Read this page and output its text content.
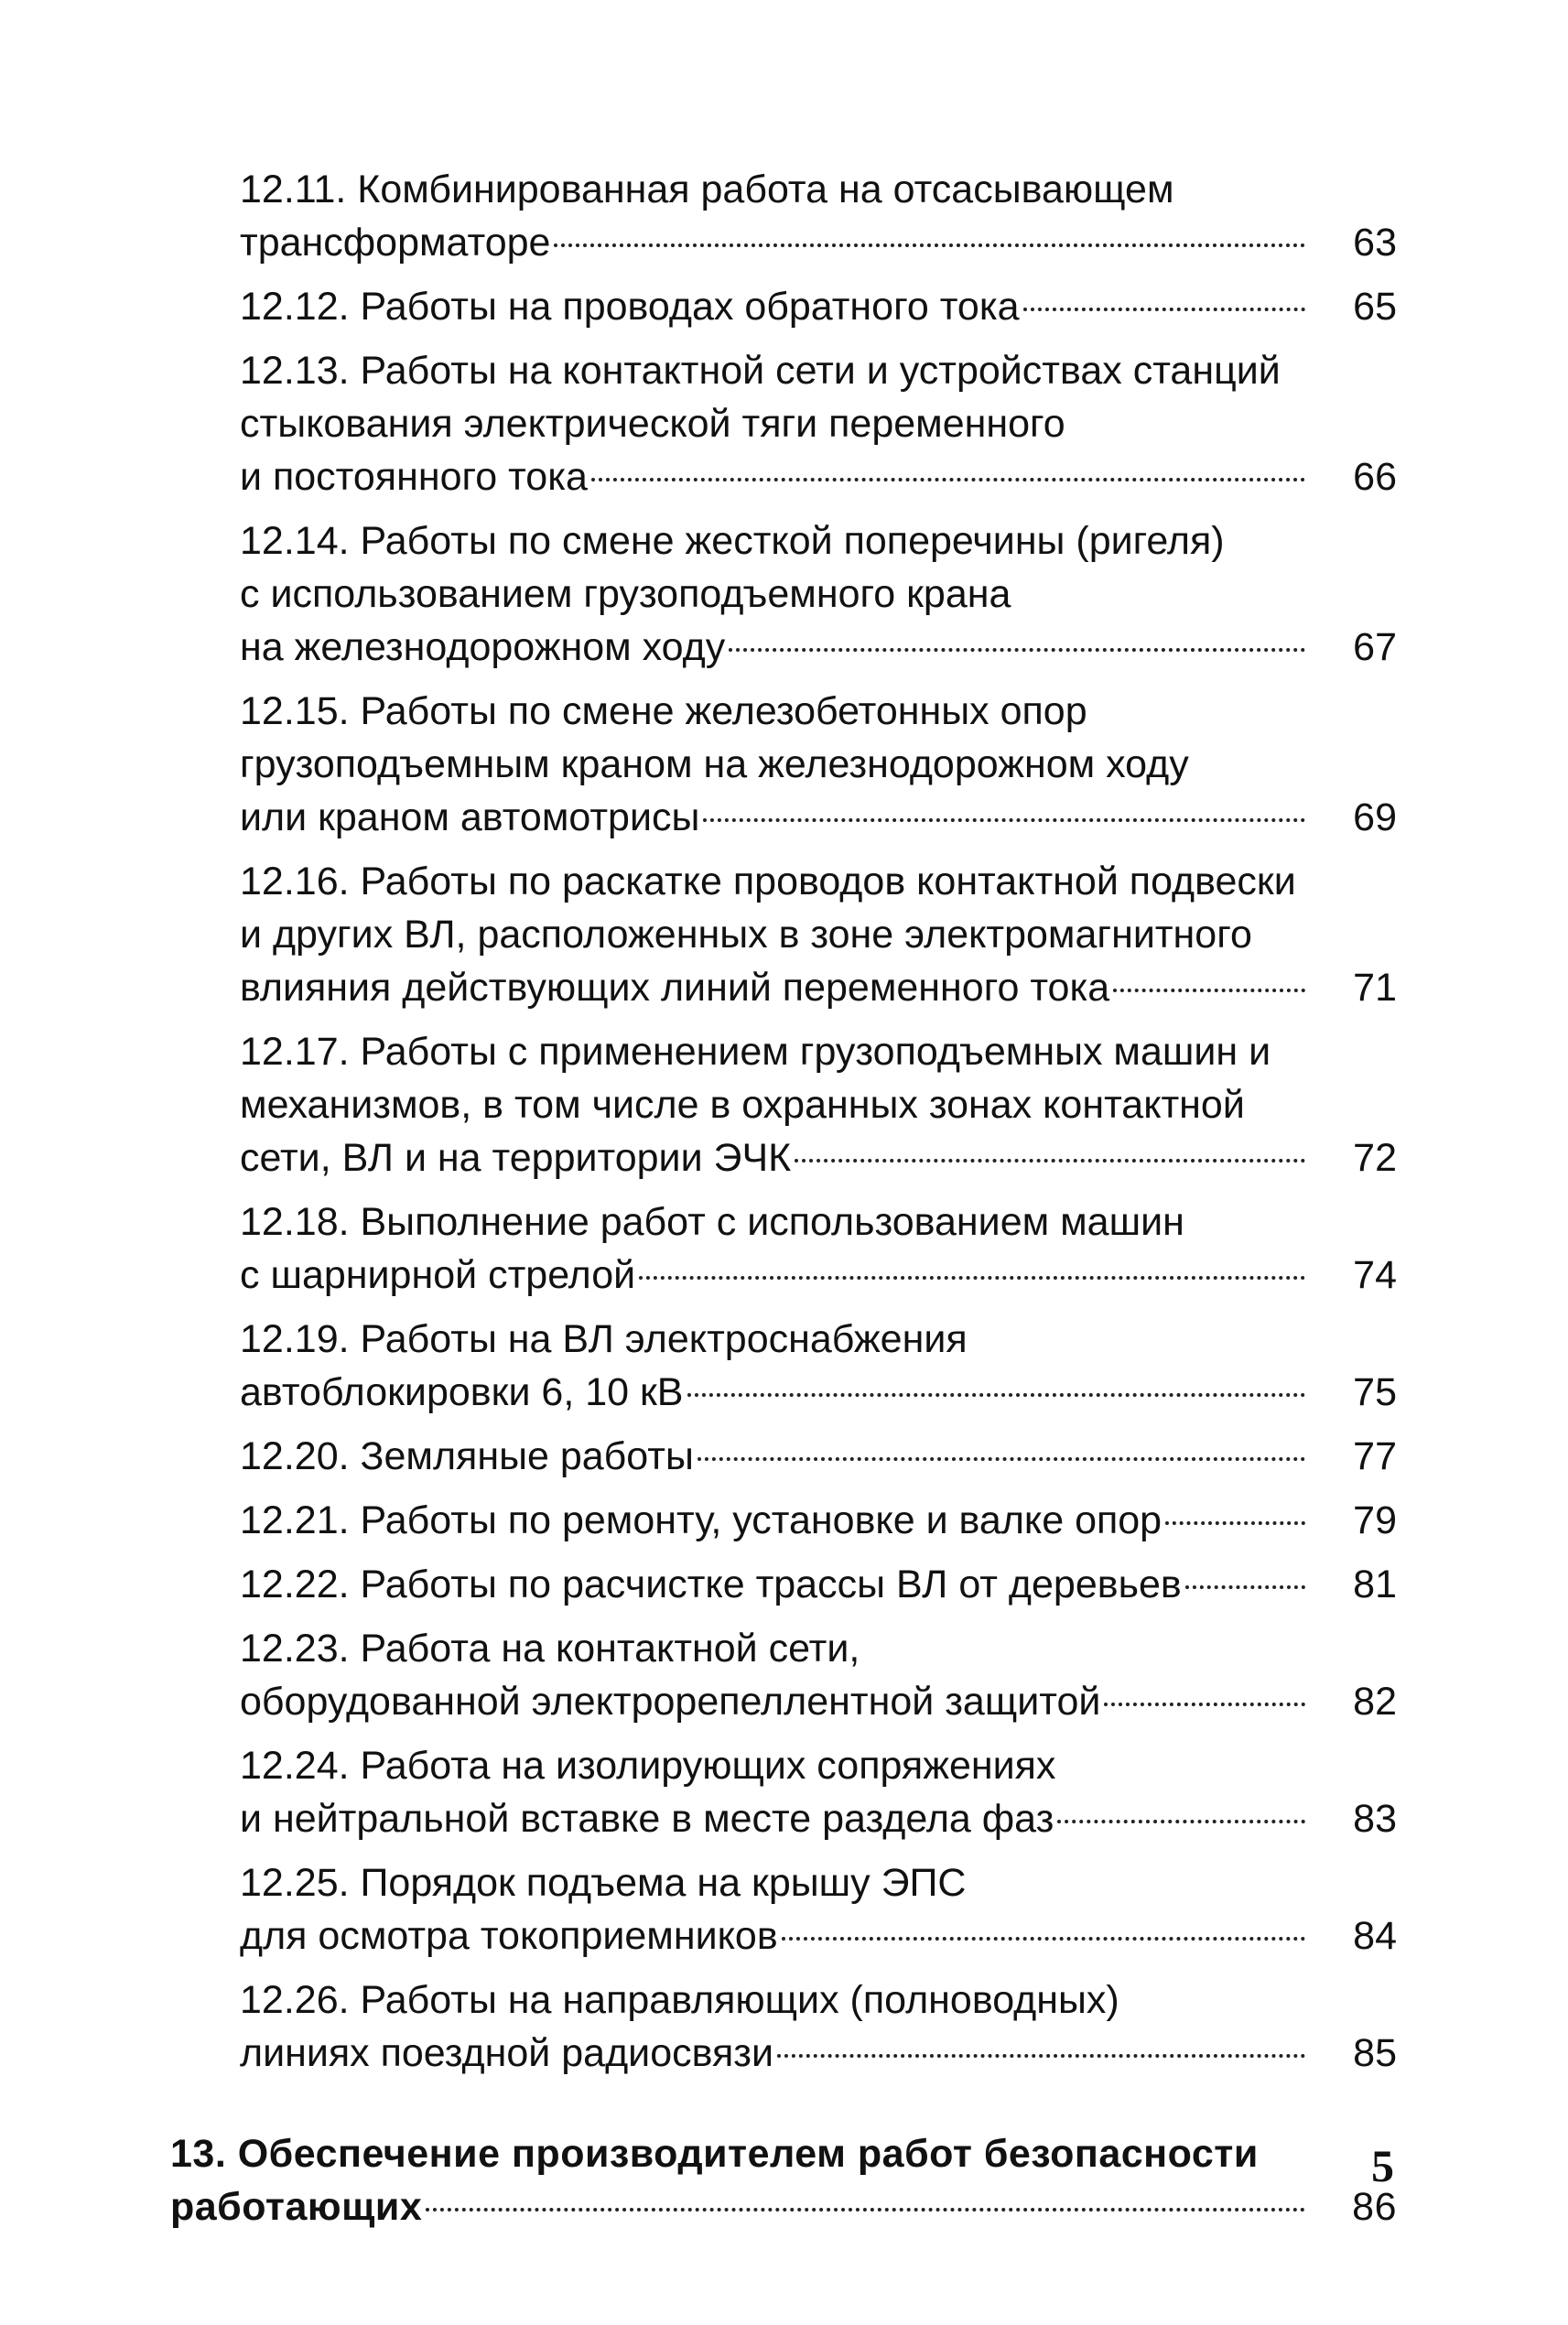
12.11. Комбинированная работа на отсасывающем
трансформаторе	63
12.12. Работы на проводах обратного тока	65
12.13. Работы на контактной сети и устройствах станций
стыкования электрической тяги переменного
и постоянного тока	66
12.14. Работы по смене жесткой поперечины (ригеля)
с использованием грузоподъемного крана
на железнодорожном ходу	67
12.15. Работы по смене железобетонных опор
грузоподъемным краном на железнодорожном ходу
или краном автомотрисы	69
12.16. Работы по раскатке проводов контактной подвески
и других ВЛ, расположенных в зоне электромагнитного
влияния действующих линий переменного тока	71
12.17. Работы с применением грузоподъемных машин и
механизмов, в том числе в охранных зонах контактной
сети, ВЛ и на территории ЭЧК	72
12.18. Выполнение работ с использованием машин
с шарнирной стрелой	74
12.19. Работы на ВЛ электроснабжения
автоблокировки 6, 10 кВ	75
12.20. Земляные работы	77
12.21. Работы по ремонту, установке и валке опор	79
12.22. Работы по расчистке трассы ВЛ от деревьев	81
12.23. Работа на контактной сети,
оборудованной электрорепеллентной защитой	82
12.24. Работа на изолирующих сопряжениях
и нейтральной вставке в месте раздела фаз	83
12.25. Порядок подъема на крышу ЭПС
для осмотра токоприемников	84
12.26. Работы на направляющих (полноводных)
линиях поездной радиосвязи	85
13. Обеспечение производителем работ безопасности
работающих	86
5
